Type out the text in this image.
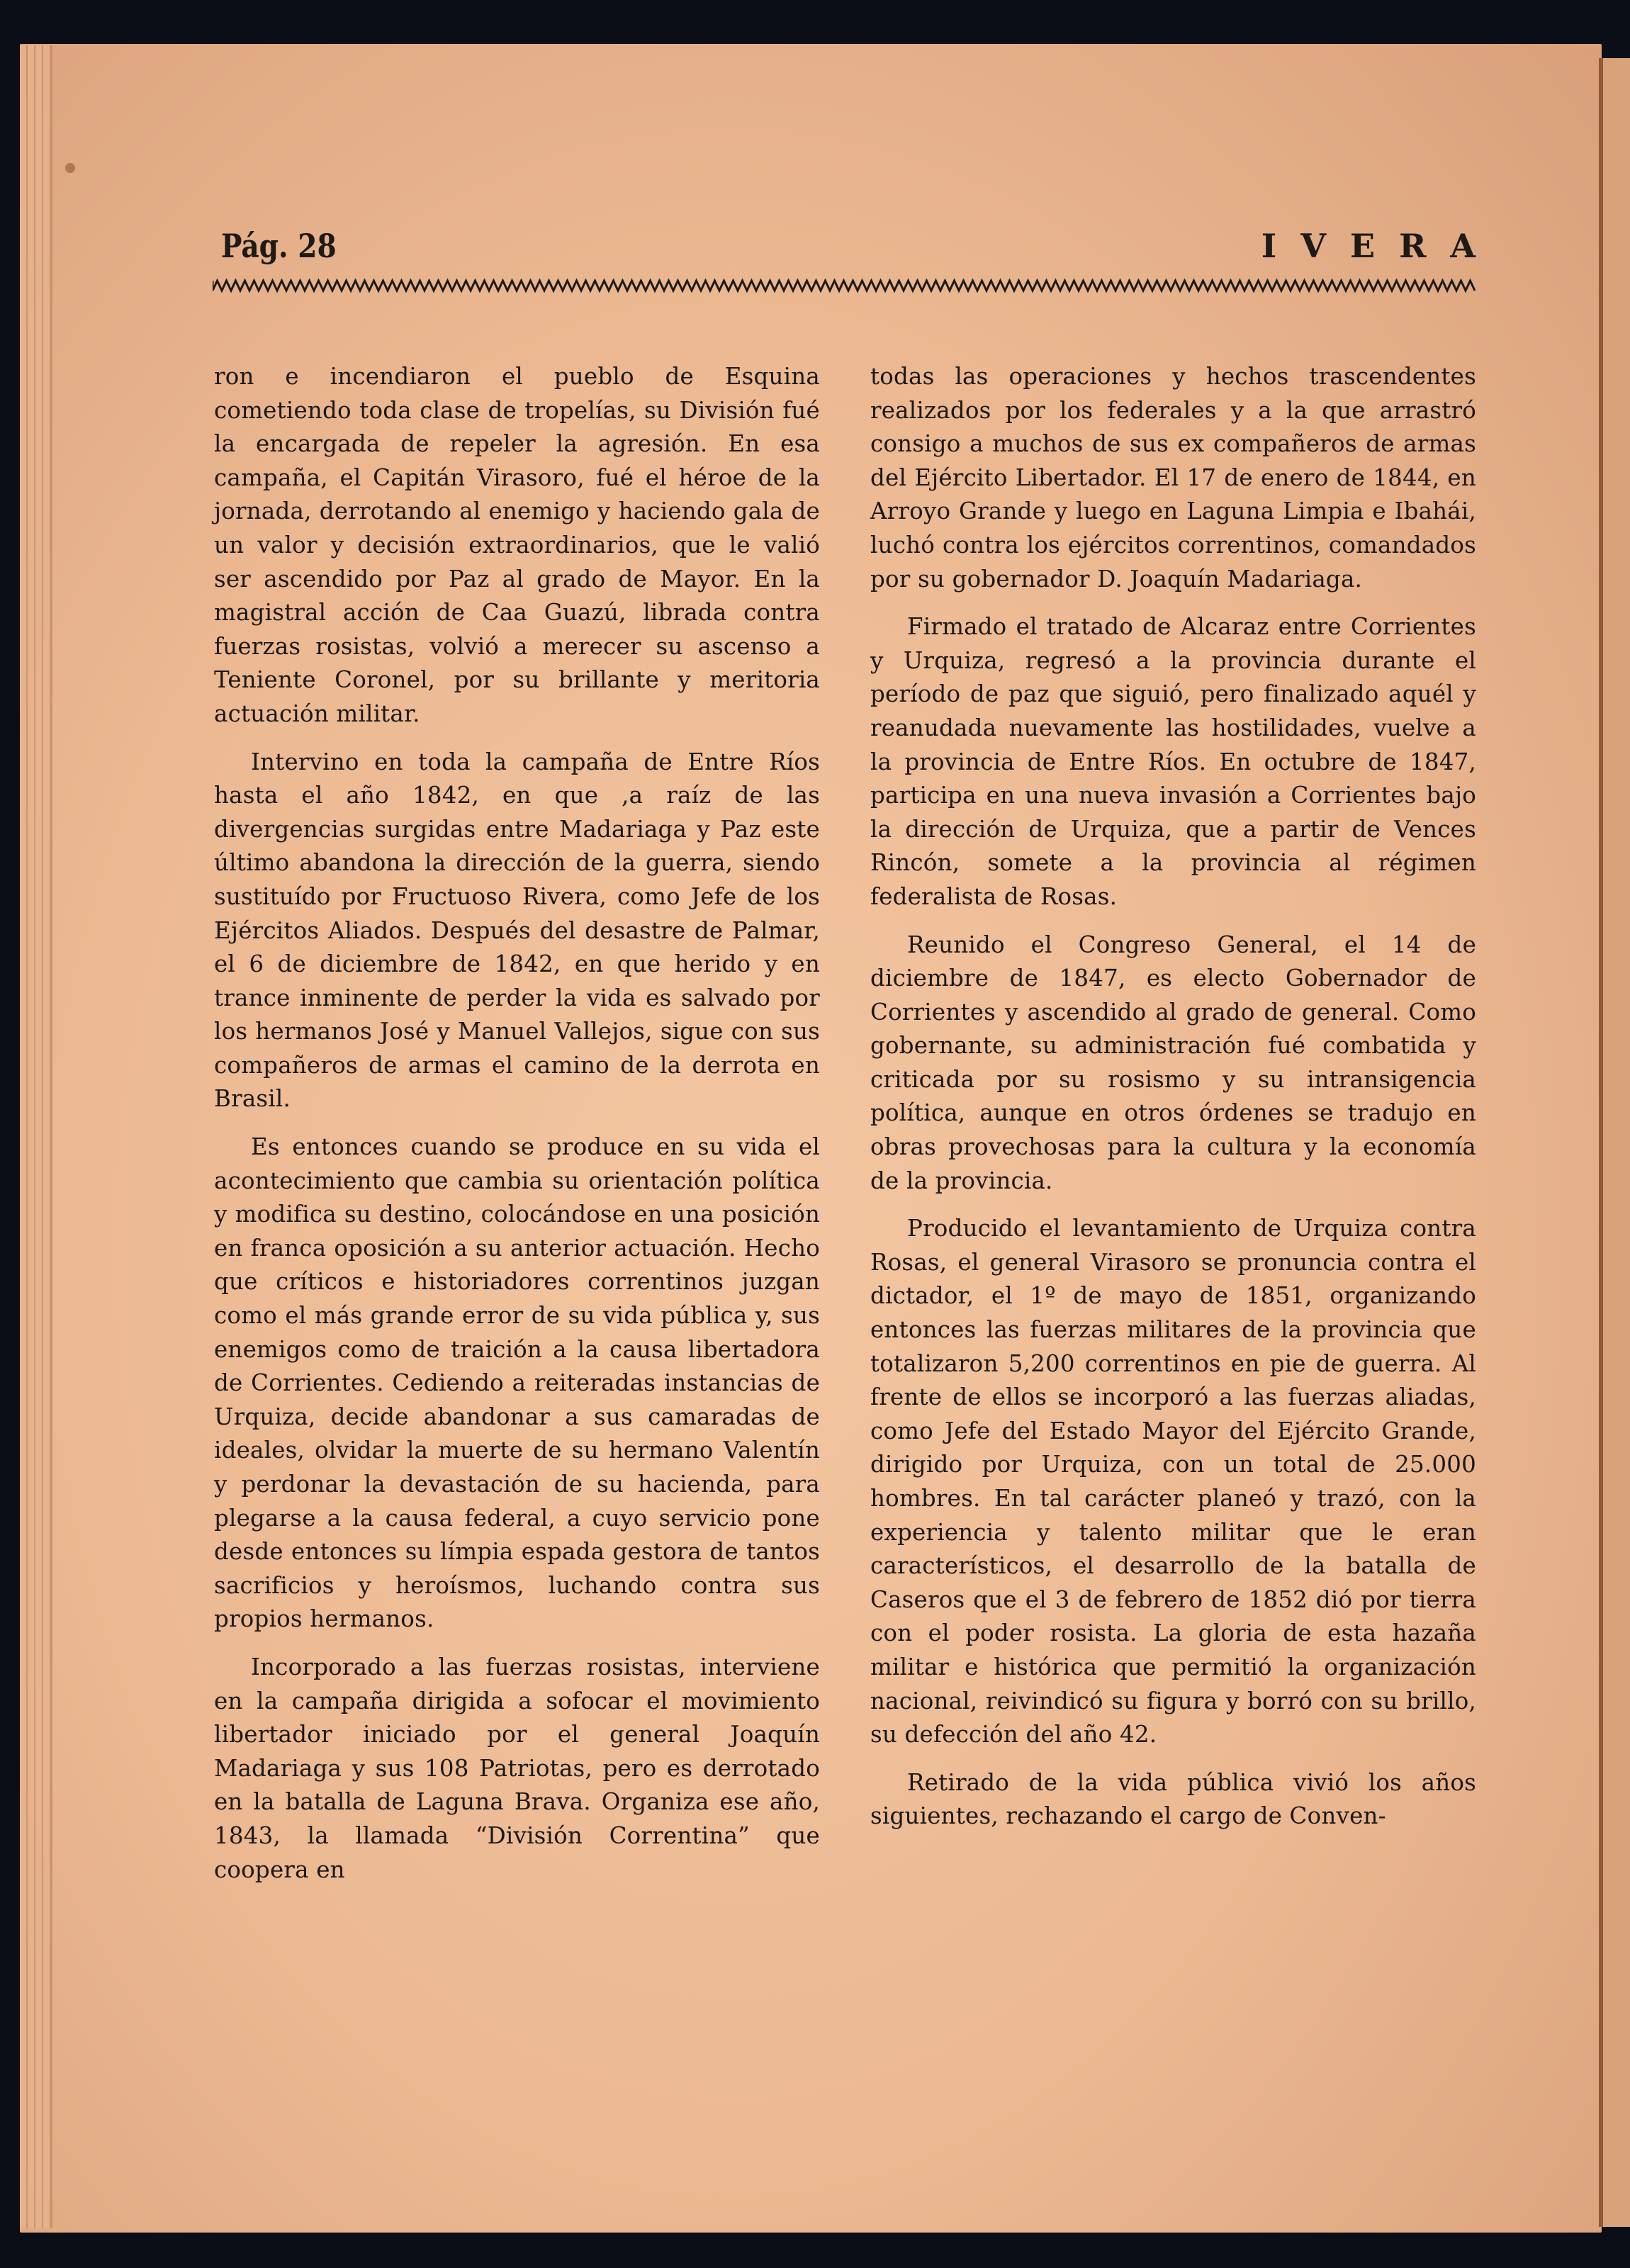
Pág. 28	IVERA

ron e incendiaron el pueblo de Esquina cometiendo toda clase de tropelías, su División fué la encargada de repeler la agresión. En esa campaña, el Capitán Virasoro, fué el héroe de la jornada, derrotando al enemigo y haciendo gala de un valor y decisión extraordinarios, que le valió ser ascendido por Paz al grado de Mayor. En la magistral acción de Caa Guazú, librada contra fuerzas rosistas, volvió a merecer su ascenso a Teniente Coronel, por su brillante y meritoria actuación militar.

Intervino en toda la campaña de Entre Ríos hasta el año 1842, en que ,a raíz de las divergencias surgidas entre Madariaga y Paz este último abandona la dirección de la guerra, siendo sustituído por Fructuoso Rivera, como Jefe de los Ejércitos Aliados. Después del desastre de Palmar, el 6 de diciembre de 1842, en que herido y en trance inminente de perder la vida es salvado por los hermanos José y Manuel Vallejos, sigue con sus compañeros de armas el camino de la derrota en Brasil.

Es entonces cuando se produce en su vida el acontecimiento que cambia su orientación política y modifica su destino, colocándose en una posición en franca oposición a su anterior actuación. Hecho que críticos e historiadores correntinos juzgan como el más grande error de su vida pública y, sus enemigos como de traición a la causa libertadora de Corrientes. Cediendo a reiteradas instancias de Urquiza, decide abandonar a sus camaradas de ideales, olvidar la muerte de su hermano Valentín y perdonar la devastación de su hacienda, para plegarse a la causa federal, a cuyo servicio pone desde entonces su límpia espada gestora de tantos sacrificios y heroísmos, luchando contra sus propios hermanos.

Incorporado a las fuerzas rosistas, interviene en la campaña dirigida a sofocar el movimiento libertador iniciado por el general Joaquín Madariaga y sus 108 Patriotas, pero es derrotado en la batalla de Laguna Brava. Organiza ese año, 1843, la llamada “División Correntina” que coopera en

todas las operaciones y hechos trascendentes realizados por los federales y a la que arrastró consigo a muchos de sus ex compañeros de armas del Ejército Libertador. El 17 de enero de 1844, en Arroyo Grande y luego en Laguna Limpia e Ibahái, luchó contra los ejércitos correntinos, comandados por su gobernador D. Joaquín Madariaga.

Firmado el tratado de Alcaraz entre Corrientes y Urquiza, regresó a la provincia durante el período de paz que siguió, pero finalizado aquél y reanudada nuevamente las hostilidades, vuelve a la provincia de Entre Ríos. En octubre de 1847, participa en una nueva invasión a Corrientes bajo la dirección de Urquiza, que a partir de Vences Rincón, somete a la provincia al régimen federalista de Rosas.

Reunido el Congreso General, el 14 de diciembre de 1847, es electo Gobernador de Corrientes y ascendido al grado de general. Como gobernante, su administración fué combatida y criticada por su rosismo y su intransigencia política, aunque en otros órdenes se tradujo en obras provechosas para la cultura y la economía de la provincia.

Producido el levantamiento de Urquiza contra Rosas, el general Virasoro se pronuncia contra el dictador, el 1º de mayo de 1851, organizando entonces las fuerzas militares de la provincia que totalizaron 5,200 correntinos en pie de guerra. Al frente de ellos se incorporó a las fuerzas aliadas, como Jefe del Estado Mayor del Ejército Grande, dirigido por Urquiza, con un total de 25.000 hombres. En tal carácter planeó y trazó, con la experiencia y talento militar que le eran característicos, el desarrollo de la batalla de Caseros que el 3 de febrero de 1852 dió por tierra con el poder rosista. La gloria de esta hazaña militar e histórica que permitió la organización nacional, reivindicó su figura y borró con su brillo, su defección del año 42.

Retirado de la vida pública vivió los años siguientes, rechazando el cargo de Conven-
